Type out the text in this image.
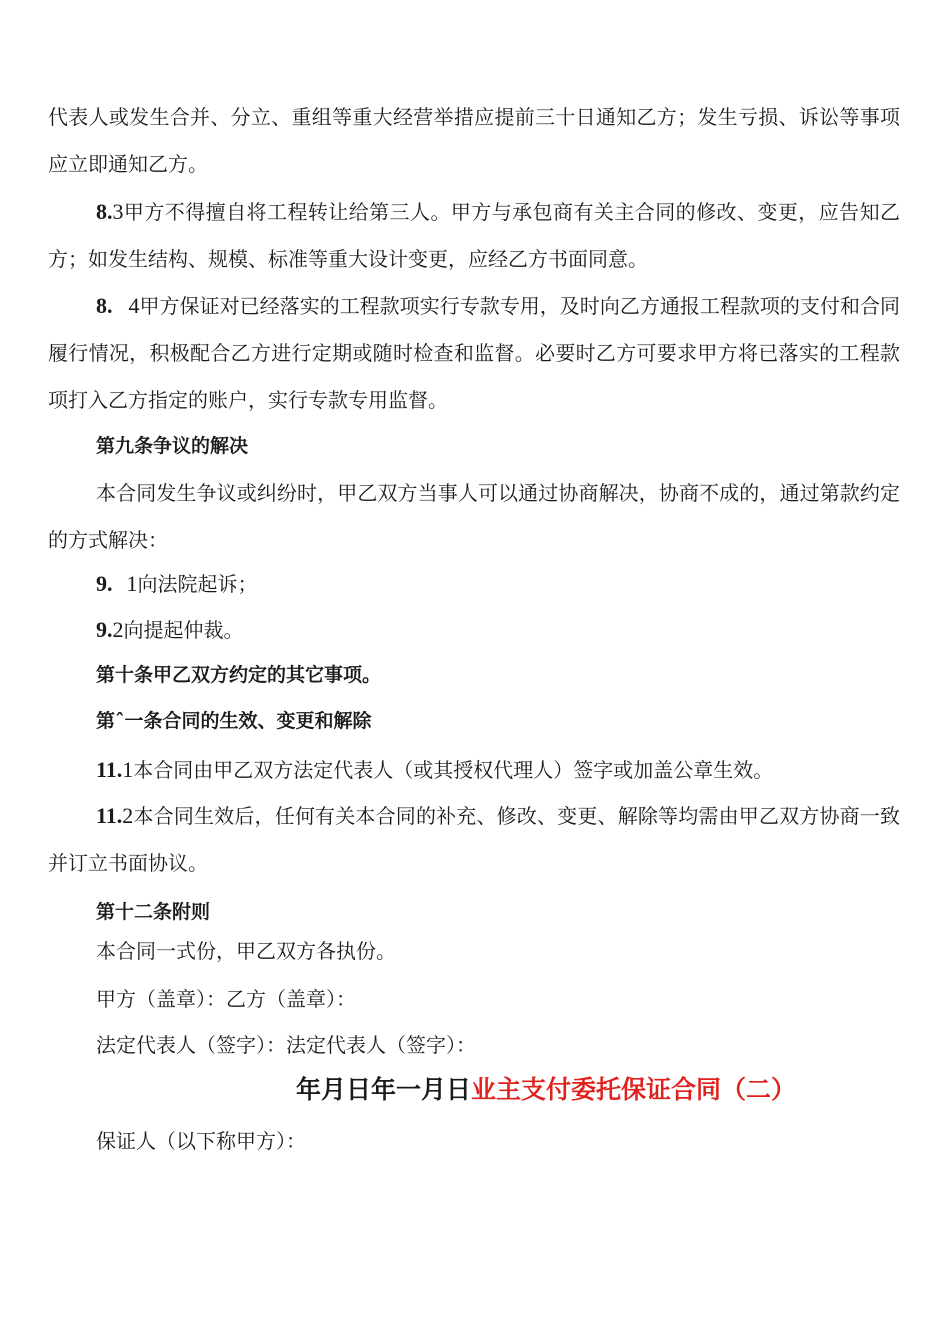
代表人或发生合并、分立、重组等重大经营举措应提前三十日通知乙方；发生亏损、诉讼等事项应立即通知乙方。

8.3甲方不得擅自将工程转让给第三人。甲方与承包商有关主合同的修改、变更，应告知乙方；如发生结构、规模、标准等重大设计变更，应经乙方书面同意。

8. 4甲方保证对已经落实的工程款项实行专款专用，及时向乙方通报工程款项的支付和合同履行情况，积极配合乙方进行定期或随时检查和监督。必要时乙方可要求甲方将已落实的工程款项打入乙方指定的账户，实行专款专用监督。

第九条争议的解决

本合同发生争议或纠纷时，甲乙双方当事人可以通过协商解决，协商不成的，通过第款约定的方式解决：

9. 1向法院起诉；

9.2向提起仲裁。

第十条甲乙双方约定的其它事项。

第ˆ一条合同的生效、变更和解除

11.1本合同由甲乙双方法定代表人（或其授权代理人）签字或加盖公章生效。

11.2本合同生效后，任何有关本合同的补充、修改、变更、解除等均需由甲乙双方协商一致并订立书面协议。

第十二条附则

本合同一式份，甲乙双方各执份。

甲方（盖章）：乙方（盖章）：

法定代表人（签字）：法定代表人（签字）：

年月日年一月日业主支付委托保证合同（二）

保证人（以下称甲方）：
